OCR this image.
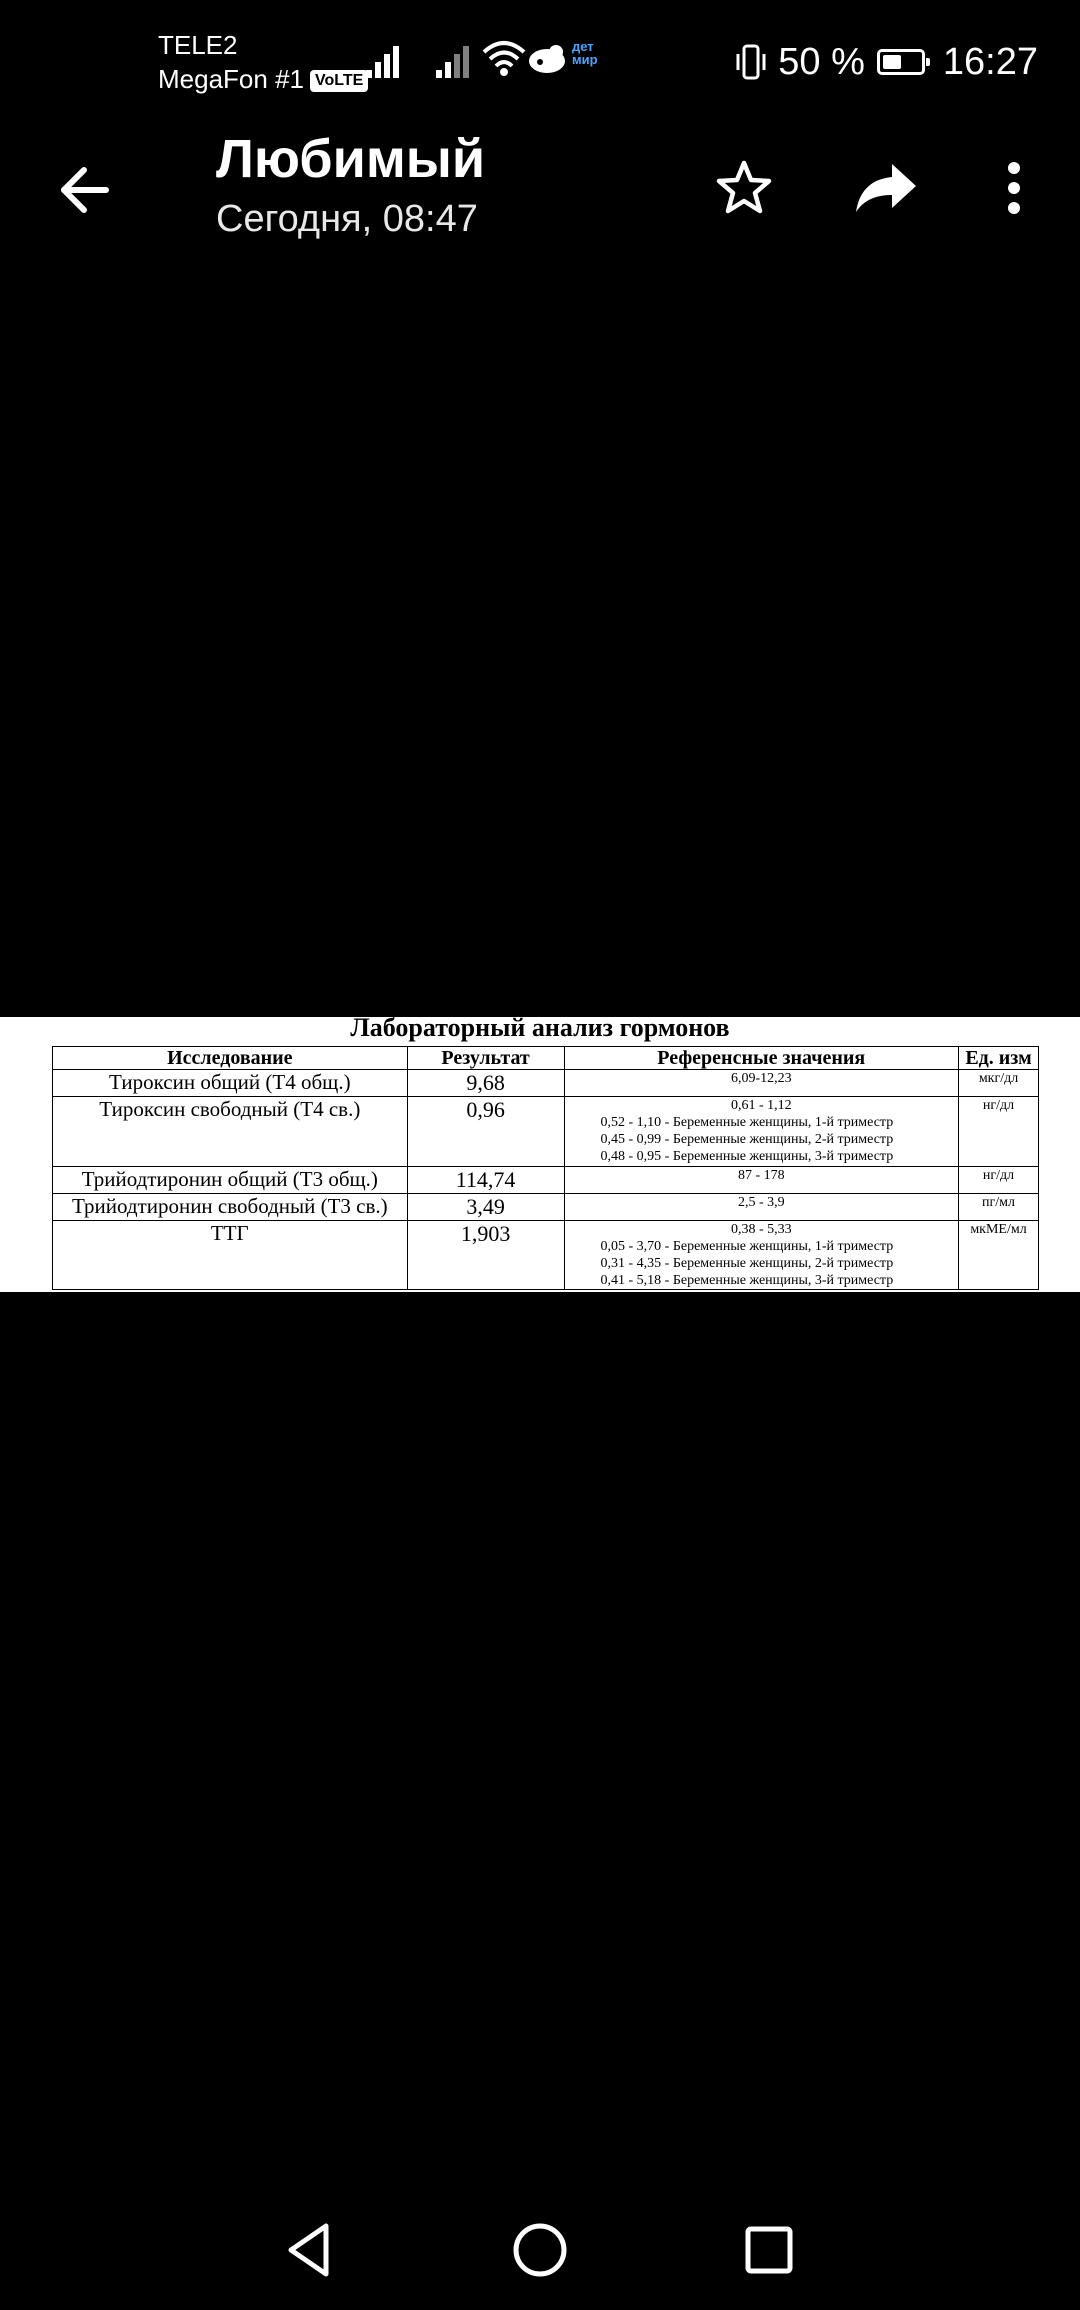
TELE2
MegaFon #1 VoLTE
дет мир	50 % 16:27
Любимый
Сегодня, 08:47
Лабораторный анализ гормонов
Исследование	Результат	Референсные значения	Ед. изм
Тироксин общий (Т4 общ.)	9,68	6,09-12,23	мкг/дл
Тироксин свободный (Т4 св.)	0,96	0,61 - 1,12
0,52 - 1,10 - Беременные женщины, 1-й триместр
0,45 - 0,99 - Беременные женщины, 2-й триместр
0,48 - 0,95 - Беременные женщины, 3-й триместр	нг/дл
Трийодтиронин общий (Т3 общ.)	114,74	87 - 178	нг/дл
Трийодтиронин свободный (Т3 св.)	3,49	2,5 - 3,9	пг/мл
ТТГ	1,903	0,38 - 5,33
0,05 - 3,70 - Беременные женщины, 1-й триместр
0,31 - 4,35 - Беременные женщины, 2-й триместр
0,41 - 5,18 - Беременные женщины, 3-й триместр	мкМЕ/мл
